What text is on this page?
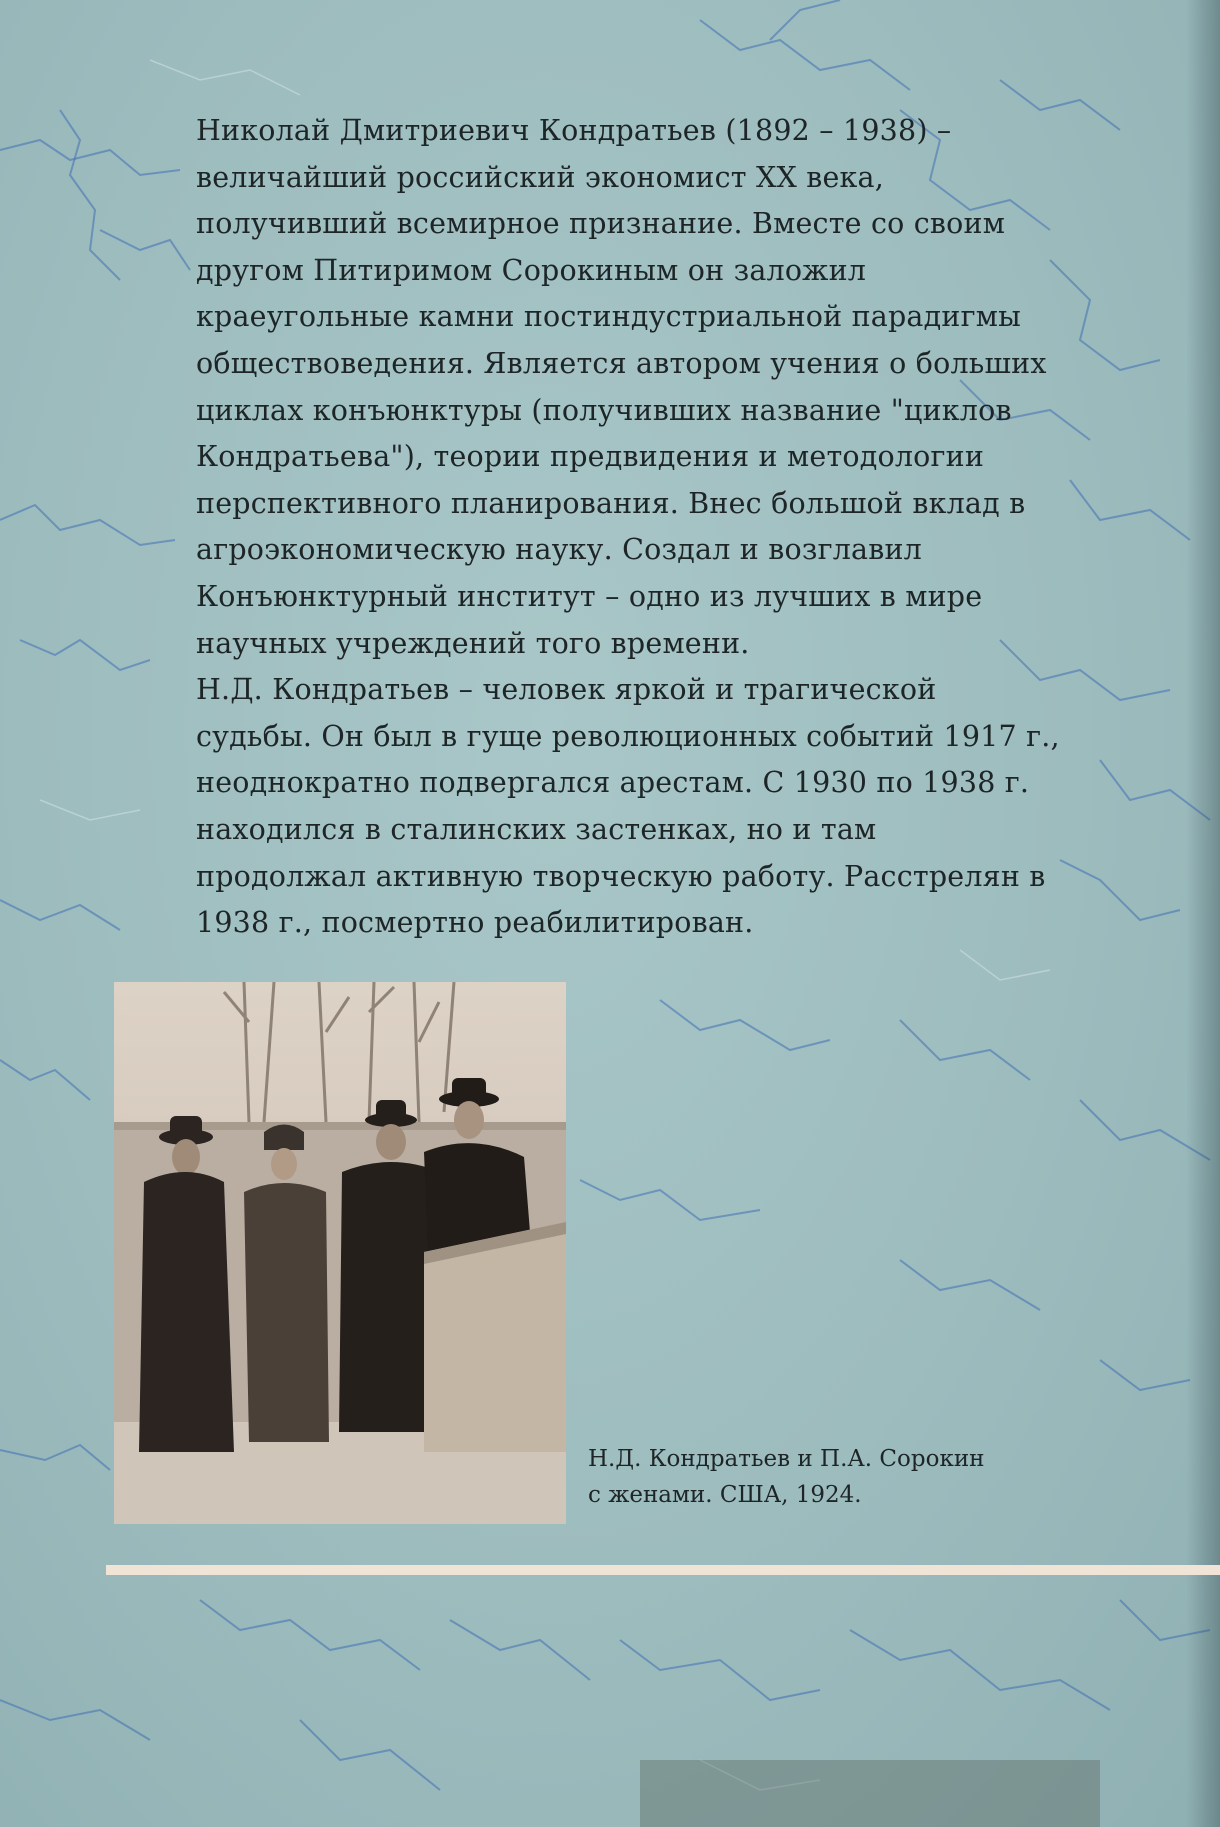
Николай Дмитриевич Кондратьев (1892 – 1938) –
величайший российский экономист XX века,
получивший всемирное признание. Вместе со своим
другом Питиримом Сорокиным он заложил
краеугольные камни постиндустриальной парадигмы
обществоведения. Является автором учения о больших
циклах конъюнктуры (получивших название "циклов
Кондратьева"), теории предвидения и методологии
перспективного планирования. Внес большой вклад в
агроэкономическую науку. Создал и возглавил
Конъюнктурный институт – одно из лучших в мире
научных учреждений того времени.
Н.Д. Кондратьев – человек яркой и трагической
судьбы. Он был в гуще революционных событий 1917 г.,
неоднократно подвергался арестам. С 1930 по 1938 г.
находился в сталинских застенках, но и там
продолжал активную творческую работу. Расстрелян в
1938 г., посмертно реабилитирован.
Н.Д. Кондратьев и П.А. Сорокин
с женами. США, 1924.
